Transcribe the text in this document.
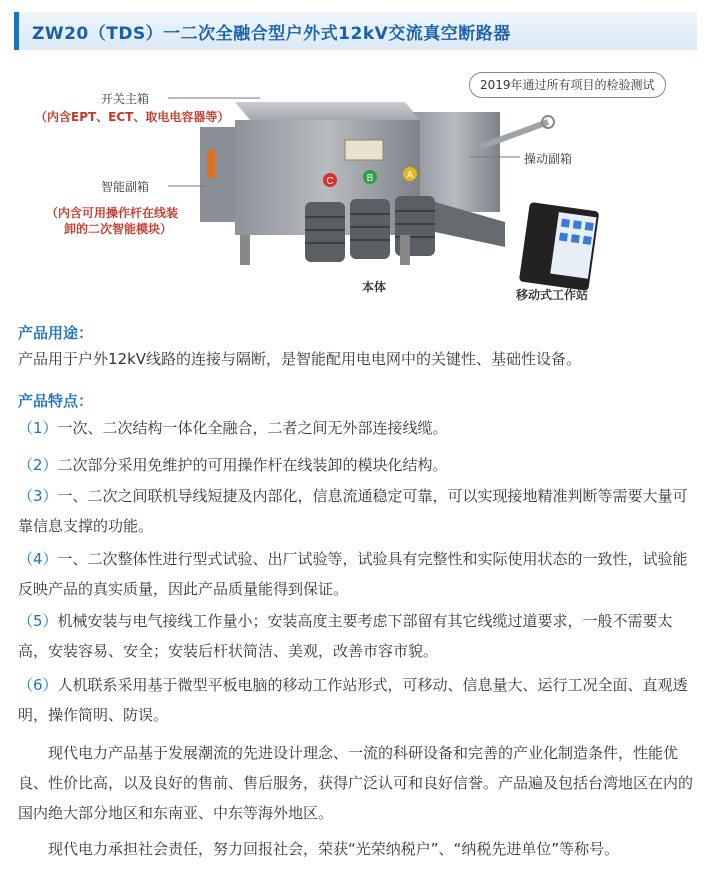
ZW20（TDS）一二次全融合型户外式12kV交流真空断路器
2019年通过所有项目的检验测试
C	B	A
开关主箱
（内含EPT、ECT、取电电容器等）
智能副箱
（内含可用操作杆在线装
卸的二次智能模块）
操动副箱
本体
移动式工作站
产品用途：
产品用于户外12kV线路的连接与隔断，是智能配用电电网中的关键性、基础性设备。
产品特点：
（1）一次、二次结构一体化全融合，二者之间无外部连接线缆。
（2）二次部分采用免维护的可用操作杆在线装卸的模块化结构。
（3）一、二次之间联机导线短捷及内部化，信息流通稳定可靠，可以实现接地精准判断等需要大量可靠信息支撑的功能。
（4）一、二次整体性进行型式试验、出厂试验等，试验具有完整性和实际使用状态的一致性，试验能反映产品的真实质量，因此产品质量能得到保证。
（5）机械安装与电气接线工作量小；安装高度主要考虑下部留有其它线缆过道要求，一般不需要太高，安装容易、安全；安装后杆状简洁、美观，改善市容市貌。
（6）人机联系采用基于微型平板电脑的移动工作站形式，可移动、信息量大、运行工况全面、直观透明，操作简明、防误。
现代电力产品基于发展潮流的先进设计理念、一流的科研设备和完善的产业化制造条件，性能优良、性价比高，以及良好的售前、售后服务，获得广泛认可和良好信誉。产品遍及包括台湾地区在内的国内绝大部分地区和东南亚、中东等海外地区。
现代电力承担社会责任，努力回报社会，荣获“光荣纳税户”、“纳税先进单位”等称号。
